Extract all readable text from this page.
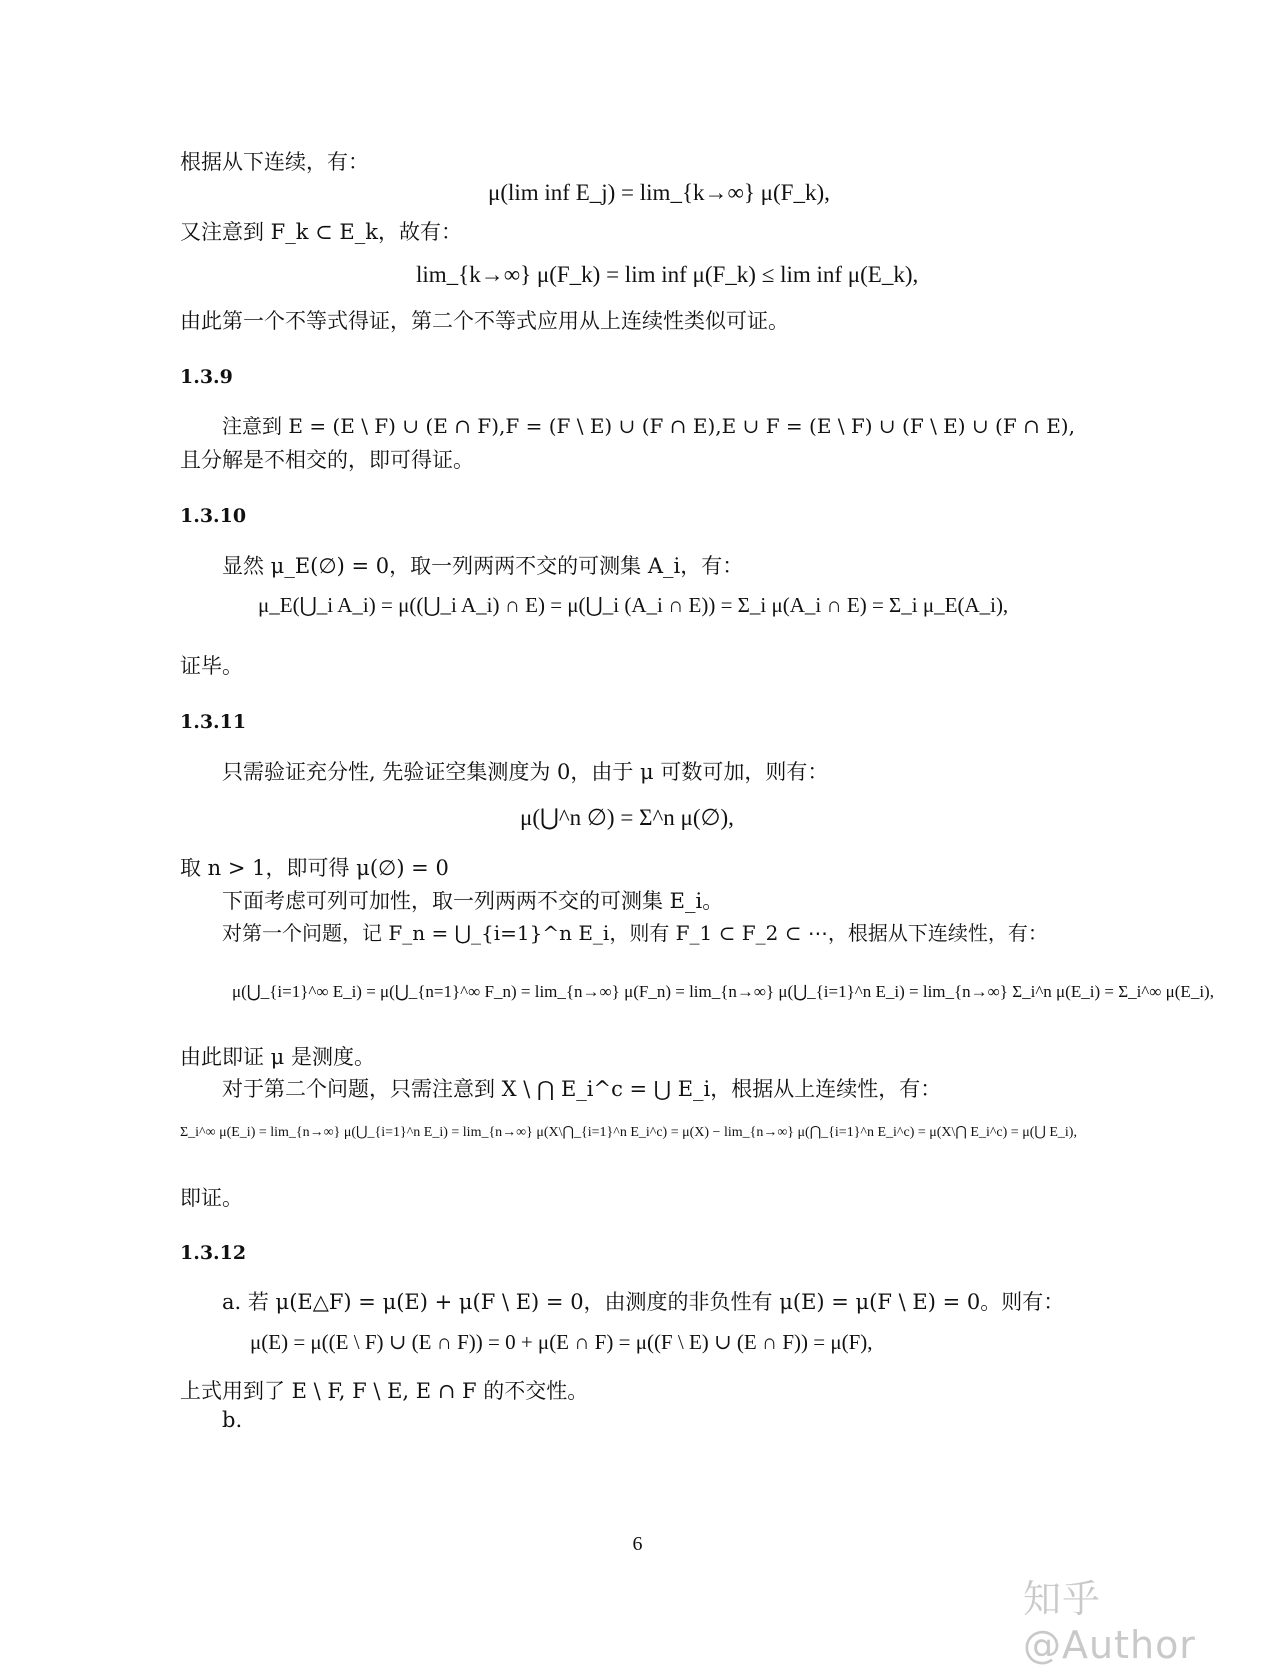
根据从下连续，有：
μ(lim inf E_j) = lim_{k→∞} μ(F_k),
又注意到 F_k ⊂ E_k，故有：
lim_{k→∞} μ(F_k) = lim inf μ(F_k) ≤ lim inf μ(E_k),
由此第一个不等式得证，第二个不等式应用从上连续性类似可证。
1.3.9
注意到 E = (E \ F) ∪ (E ∩ F),F = (F \ E) ∪ (F ∩ E),E ∪ F = (E \ F) ∪ (F \ E) ∪ (F ∩ E),
且分解是不相交的，即可得证。
1.3.10
显然 μ_E(∅) = 0，取一列两两不交的可测集 A_i，有：
μ_E(⋃_i A_i) = μ((⋃_i A_i) ∩ E) = μ(⋃_i (A_i ∩ E)) = Σ_i μ(A_i ∩ E) = Σ_i μ_E(A_i),
证毕。
1.3.11
只需验证充分性, 先验证空集测度为 0，由于 μ 可数可加，则有：
μ(⋃^n ∅) = Σ^n μ(∅),
取 n > 1，即可得 μ(∅) = 0
下面考虑可列可加性，取一列两两不交的可测集 E_i。
对第一个问题，记 F_n = ⋃_{i=1}^n E_i，则有 F_1 ⊂ F_2 ⊂ ⋯，根据从下连续性，有：
μ(⋃_{i=1}^∞ E_i) = μ(⋃_{n=1}^∞ F_n) = lim_{n→∞} μ(F_n) = lim_{n→∞} μ(⋃_{i=1}^n E_i) = lim_{n→∞} Σ_i^n μ(E_i) = Σ_i^∞ μ(E_i),
由此即证 μ 是测度。
对于第二个问题，只需注意到 X \ ⋂ E_i^c = ⋃ E_i，根据从上连续性，有：
Σ_i^∞ μ(E_i) = lim_{n→∞} μ(⋃_{i=1}^n E_i) = lim_{n→∞} μ(X\⋂_{i=1}^n E_i^c) = μ(X) − lim_{n→∞} μ(⋂_{i=1}^n E_i^c) = μ(X\⋂ E_i^c) = μ(⋃ E_i),
即证。
1.3.12
a. 若 μ(E△F) = μ(E) + μ(F \ E) = 0，由测度的非负性有 μ(E) = μ(F \ E) = 0。则有：
μ(E) = μ((E \ F) ∪ (E ∩ F)) = 0 + μ(E ∩ F) = μ((F \ E) ∪ (E ∩ F)) = μ(F),
上式用到了 E \ F, F \ E, E ∩ F 的不交性。
b.
6
知乎 @Author
